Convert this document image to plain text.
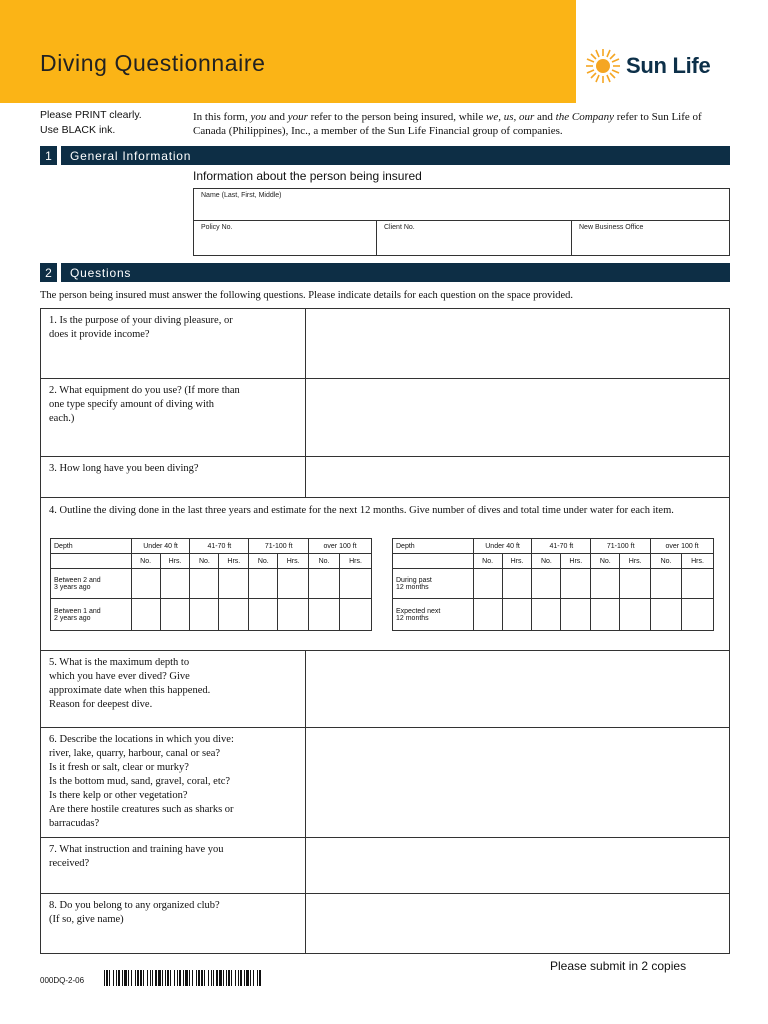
Diving Questionnaire	Sun Life
Please PRINT clearly.
Use BLACK ink.
In this form, you and your refer to the person being insured, while we, us, our and the Company refer to Sun Life of Canada (Philippines), Inc., a member of the Sun Life Financial group of companies.
1	General Information
Information about the person being insured
Name (Last, First, Middle)
Policy No.	Client No.	New Business Office
2	Questions
The person being insured must answer the following questions. Please indicate details for each question on the space provided.
1. Is the purpose of your diving pleasure, or
does it provide income?
2. What equipment do you use? (If more than
one type specify amount of diving with
each.)
3. How long have you been diving?
4. Outline the diving done in the last three years and estimate for the next 12 months. Give number of dives and total time under water for each item.
Depth	Under 40 ft		41-70 ft		71-100 ft		over 100 ft	
	No.	Hrs.	No.	Hrs.	No.	Hrs.	No.	Hrs.

Between 2 and
3 years ago								

Between 1 and
2 years ago								

Depth	Under 40 ft		41-70 ft		71-100 ft		over 100 ft	
	No.	Hrs.	No.	Hrs.	No.	Hrs.	No.	Hrs.

During past
12 months								

Expected next
12 months								

5. What is the maximum depth to
which you have ever dived? Give
approximate date when this happened.
Reason for deepest dive.
6. Describe the locations in which you dive:
river, lake, quarry, harbour, canal or sea?
Is it fresh or salt, clear or murky?
Is the bottom mud, sand, gravel, coral, etc?
Is there kelp or other vegetation?
Are there hostile creatures such as sharks or
barracudas?
7. What instruction and training have you
received?
8. Do you belong to any organized club?
(If so, give name)
Please submit in 2 copies
000DQ-2-06
